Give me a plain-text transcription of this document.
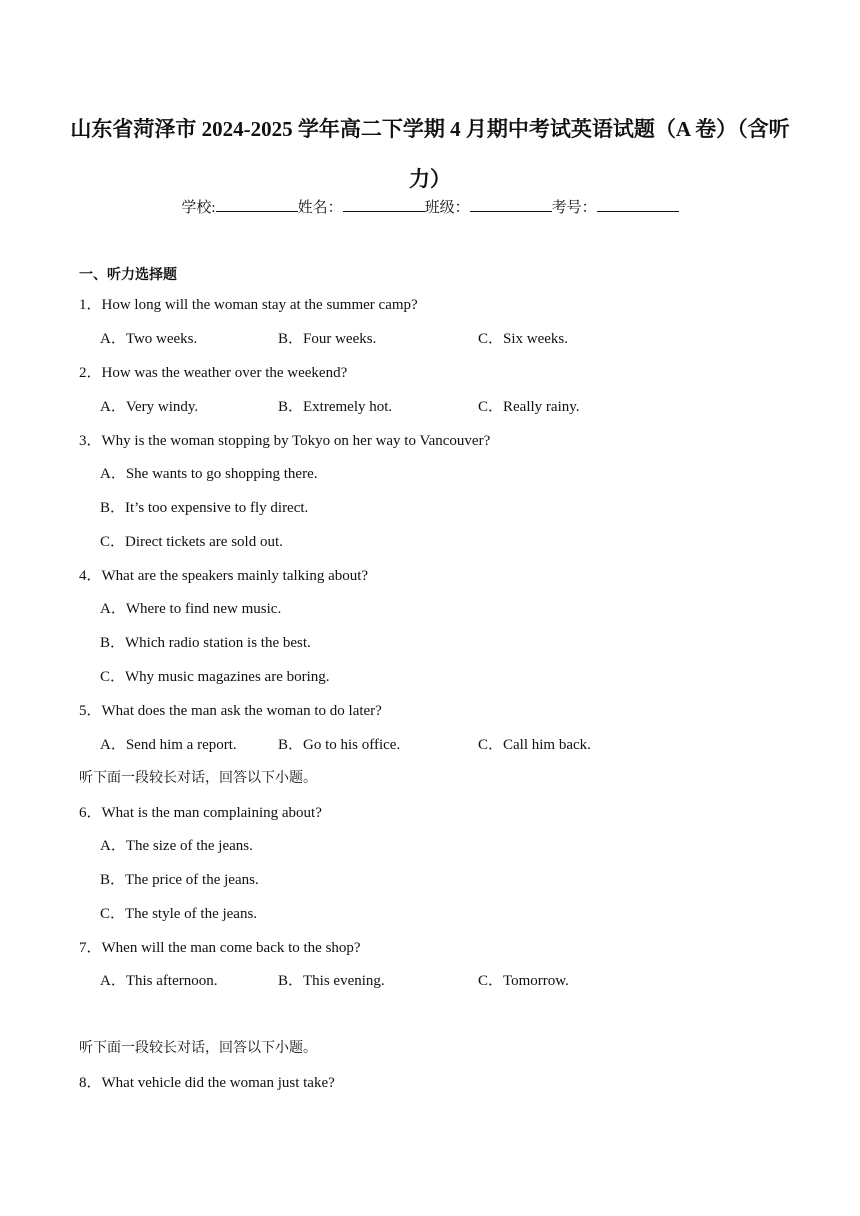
山东省菏泽市 2024-2025 学年高二下学期 4 月期中考试英语试题（A 卷）（含听力）
学校:	姓名：	班级：	考号：
一、听力选择题
1．How long will the woman stay at the summer camp?
A．Two weeks.	B．Four weeks.	C．Six weeks.
2．How was the weather over the weekend?
A．Very windy.	B．Extremely hot.	C．Really rainy.
3．Why is the woman stopping by Tokyo on her way to Vancouver?
A．She wants to go shopping there.
B．It’s too expensive to fly direct.
C．Direct tickets are sold out.
4．What are the speakers mainly talking about?
A．Where to find new music.
B．Which radio station is the best.
C．Why music magazines are boring.
5．What does the man ask the woman to do later?
A．Send him a report.	B．Go to his office.	C．Call him back.
听下面一段较长对话，回答以下小题。
6．What is the man complaining about?
A．The size of the jeans.
B．The price of the jeans.
C．The style of the jeans.
7．When will the man come back to the shop?
A．This afternoon.	B．This evening.	C．Tomorrow.
听下面一段较长对话，回答以下小题。
8．What vehicle did the woman just take?
